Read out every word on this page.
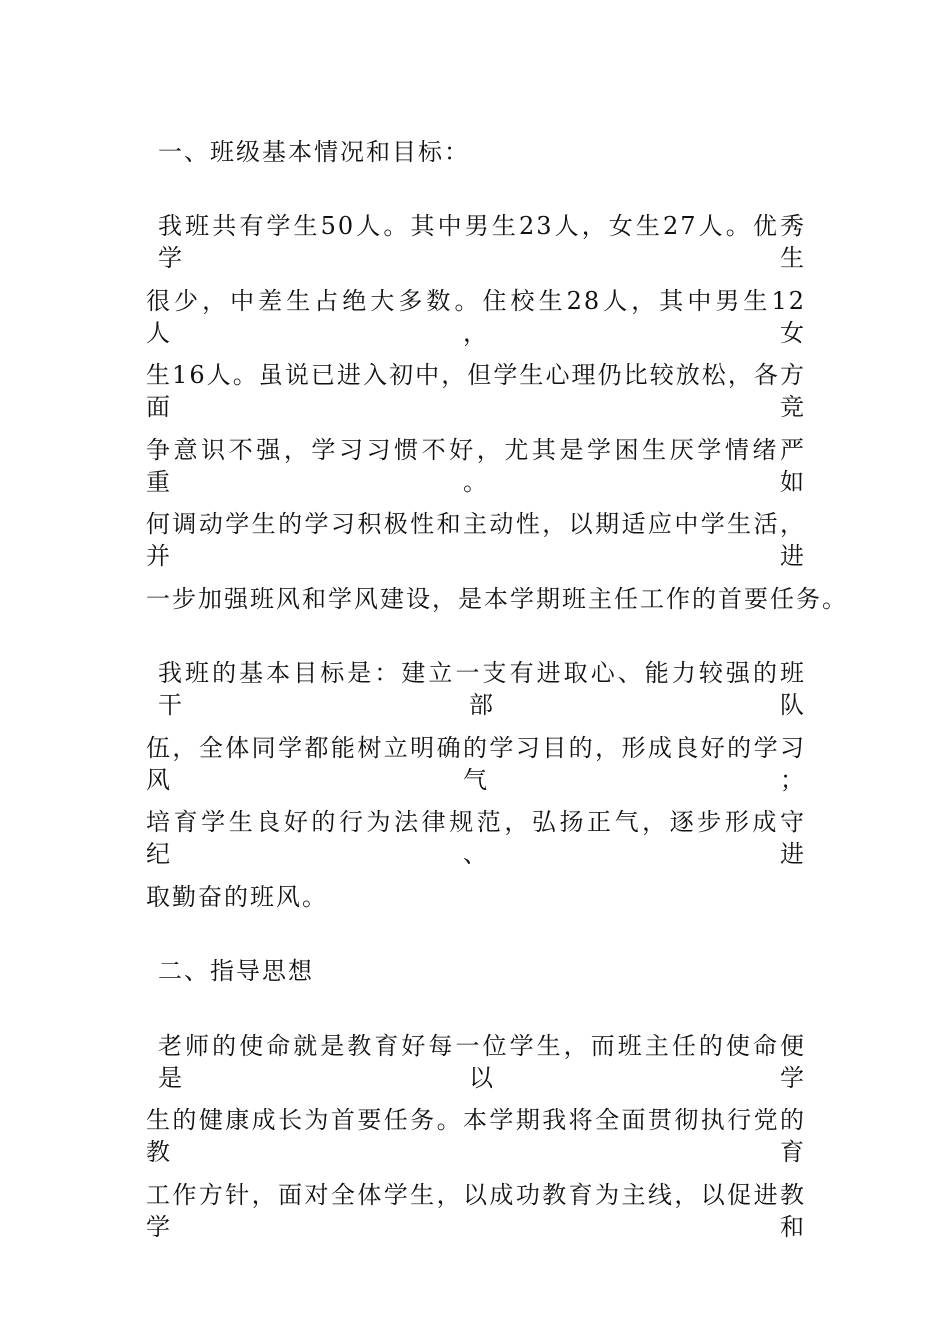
一、班级基本情况和目标：

我班共有学生50人。其中男生23人，女生27人。优秀学生

很少，中差生占绝大多数。住校生28人，其中男生12人，女

生16人。虽说已进入初中，但学生心理仍比较放松，各方面竞

争意识不强，学习习惯不好，尤其是学困生厌学情绪严重。如

何调动学生的学习积极性和主动性，以期适应中学生活，并进

一步加强班风和学风建设，是本学期班主任工作的首要任务。

我班的基本目标是：建立一支有进取心、能力较强的班干部队

伍，全体同学都能树立明确的学习目的，形成良好的学习风气；

培育学生良好的行为法律规范，弘扬正气，逐步形成守纪、进

取勤奋的班风。

二、指导思想

老师的使命就是教育好每一位学生，而班主任的使命便是以学

生的健康成长为首要任务。本学期我将全面贯彻执行党的教育

工作方针，面对全体学生，以成功教育为主线，以促进教学和
